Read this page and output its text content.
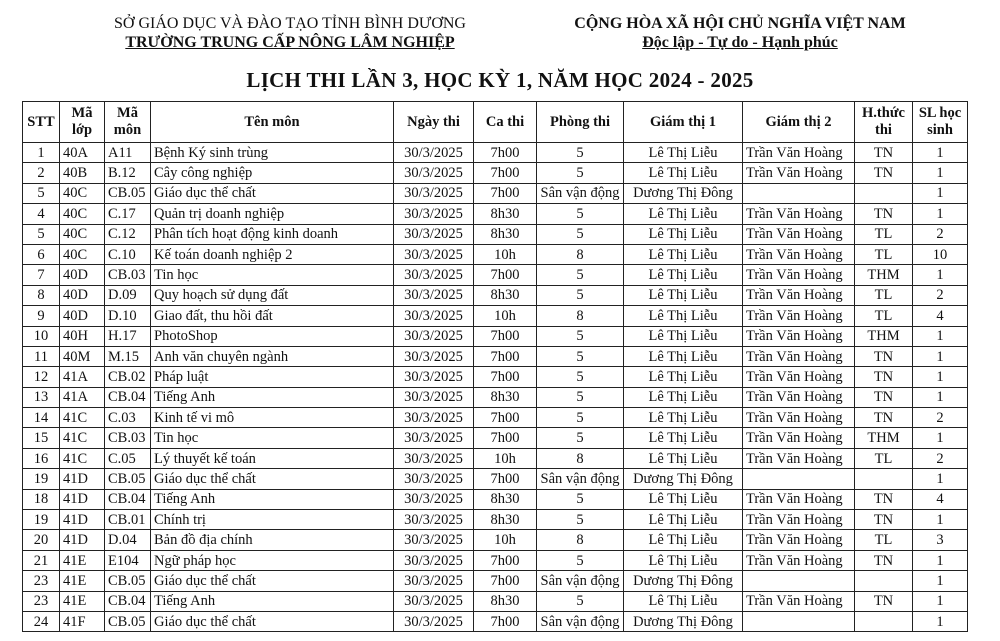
SỞ GIÁO DỤC VÀ ĐÀO TẠO TỈNH BÌNH DƯƠNG
TRƯỜNG TRUNG CẤP NÔNG LÂM NGHIỆP
CỘNG HÒA XÃ HỘI CHỦ NGHĨA VIỆT NAM
Độc lập - Tự do - Hạnh phúc
LỊCH THI LẦN 3, HỌC KỲ 1, NĂM HỌC 2024 - 2025
STT	Mã lớp	Mã môn	Tên môn	Ngày thi	Ca thi	Phòng thi	Giám thị 1	Giám thị 2	H.thức thi	SL học sinh
1	40A	A11	Bệnh Ký sinh trùng	30/3/2025	7h00	5	Lê Thị Liễu	Trần Văn Hoàng	TN	1
2	40B	B.12	Cây công nghiệp	30/3/2025	7h00	5	Lê Thị Liễu	Trần Văn Hoàng	TN	1
5	40C	CB.05	Giáo dục thể chất	30/3/2025	7h00	Sân vận động	Dương Thị Đông			1
4	40C	C.17	Quản trị doanh nghiệp	30/3/2025	8h30	5	Lê Thị Liễu	Trần Văn Hoàng	TN	1
5	40C	C.12	Phân tích hoạt động kinh doanh	30/3/2025	8h30	5	Lê Thị Liễu	Trần Văn Hoàng	TL	2
6	40C	C.10	Kế toán doanh nghiệp 2	30/3/2025	10h	8	Lê Thị Liễu	Trần Văn Hoàng	TL	10
7	40D	CB.03	Tin học	30/3/2025	7h00	5	Lê Thị Liễu	Trần Văn Hoàng	THM	1
8	40D	D.09	Quy hoạch sử dụng đất	30/3/2025	8h30	5	Lê Thị Liễu	Trần Văn Hoàng	TL	2
9	40D	D.10	Giao đất, thu hồi đất	30/3/2025	10h	8	Lê Thị Liễu	Trần Văn Hoàng	TL	4
10	40H	H.17	PhotoShop	30/3/2025	7h00	5	Lê Thị Liễu	Trần Văn Hoàng	THM	1
11	40M	M.15	Anh văn chuyên ngành	30/3/2025	7h00	5	Lê Thị Liễu	Trần Văn Hoàng	TN	1
12	41A	CB.02	Pháp luật	30/3/2025	7h00	5	Lê Thị Liễu	Trần Văn Hoàng	TN	1
13	41A	CB.04	Tiếng Anh	30/3/2025	8h30	5	Lê Thị Liễu	Trần Văn Hoàng	TN	1
14	41C	C.03	Kinh tế vi mô	30/3/2025	7h00	5	Lê Thị Liễu	Trần Văn Hoàng	TN	2
15	41C	CB.03	Tin học	30/3/2025	7h00	5	Lê Thị Liễu	Trần Văn Hoàng	THM	1
16	41C	C.05	Lý thuyết kế toán	30/3/2025	10h	8	Lê Thị Liễu	Trần Văn Hoàng	TL	2
19	41D	CB.05	Giáo dục thể chất	30/3/2025	7h00	Sân vận động	Dương Thị Đông			1
18	41D	CB.04	Tiếng Anh	30/3/2025	8h30	5	Lê Thị Liễu	Trần Văn Hoàng	TN	4
19	41D	CB.01	Chính trị	30/3/2025	8h30	5	Lê Thị Liễu	Trần Văn Hoàng	TN	1
20	41D	D.04	Bản đồ địa chính	30/3/2025	10h	8	Lê Thị Liễu	Trần Văn Hoàng	TL	3
21	41E	E104	Ngữ pháp học	30/3/2025	7h00	5	Lê Thị Liễu	Trần Văn Hoàng	TN	1
23	41E	CB.05	Giáo dục thể chất	30/3/2025	7h00	Sân vận động	Dương Thị Đông			1
23	41E	CB.04	Tiếng Anh	30/3/2025	8h30	5	Lê Thị Liễu	Trần Văn Hoàng	TN	1
24	41F	CB.05	Giáo dục thể chất	30/3/2025	7h00	Sân vận động	Dương Thị Đông			1
